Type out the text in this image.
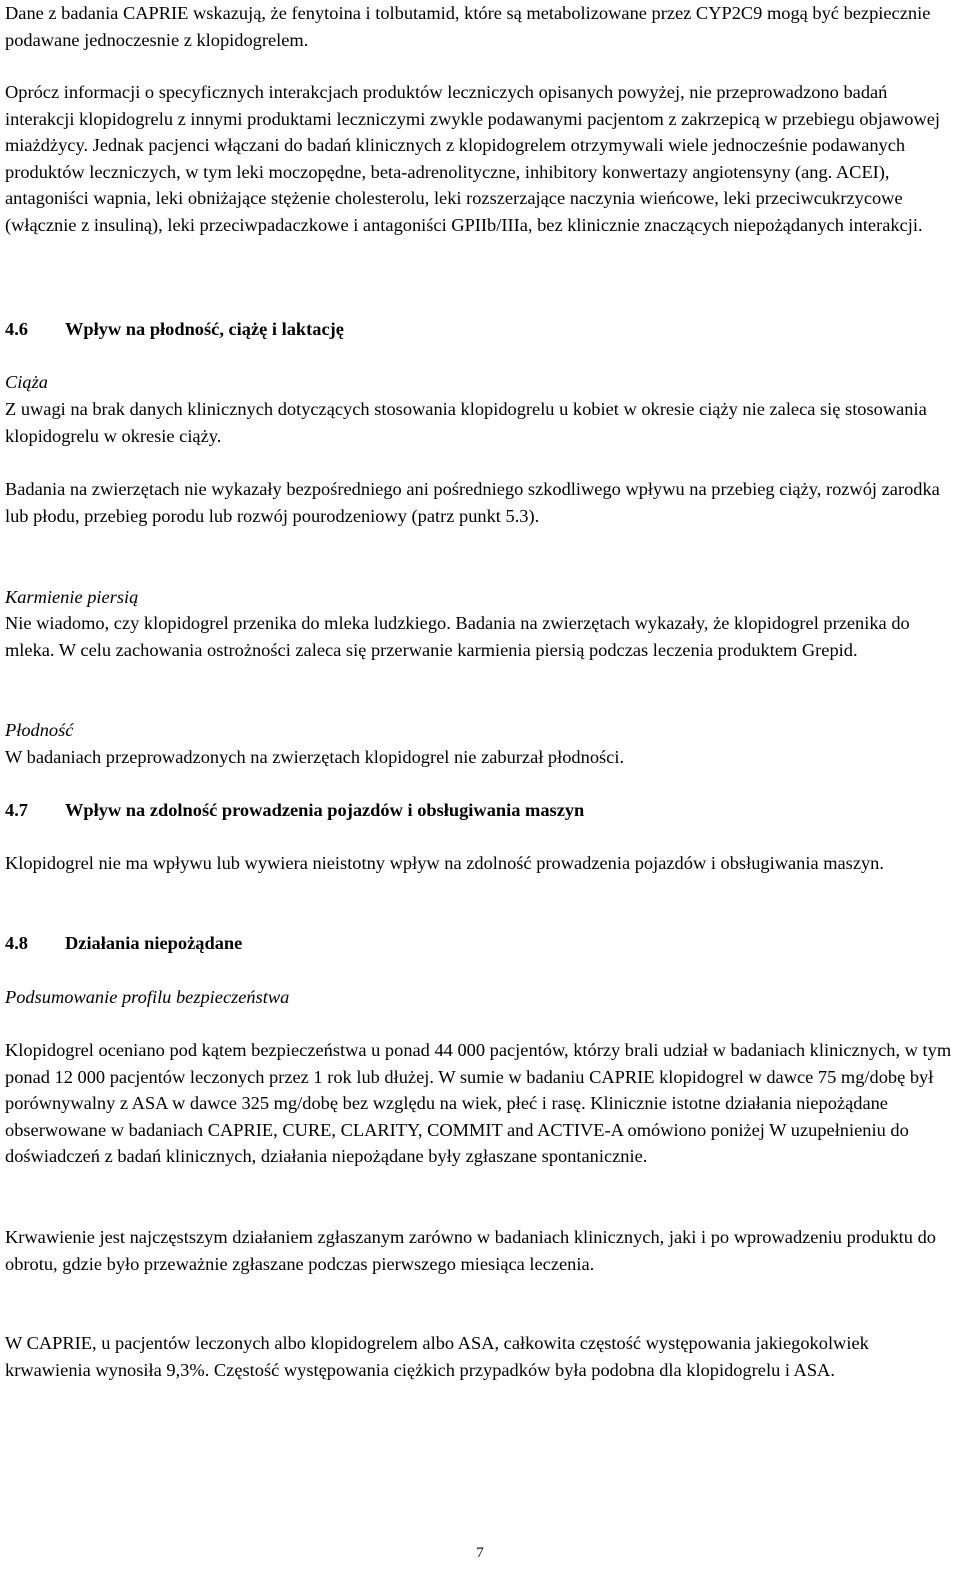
Dane z badania CAPRIE wskazują, że fenytoina i tolbutamid, które są metabolizowane przez CYP2C9 mogą być bezpiecznie podawane jednoczesnie z klopidogrelem.

Oprócz informacji o specyficznych interakcjach produktów leczniczych opisanych powyżej, nie przeprowadzono badań interakcji klopidogrelu z innymi produktami leczniczymi zwykle podawanymi pacjentom z zakrzepicą w przebiegu objawowej miażdżycy. Jednak pacjenci włączani do badań klinicznych z klopidogrelem otrzymywali wiele jednocześnie podawanych produktów leczniczych, w tym leki moczopędne, beta-adrenolityczne, inhibitory konwertazy angiotensyny (ang. ACEI), antagoniści wapnia, leki obniżające stężenie cholesterolu, leki rozszerzające naczynia wieńcowe, leki przeciwcukrzycowe (włącznie z insuliną), leki przeciwpadaczkowe i antagoniści GPIIb/IIIa, bez klinicznie znaczących niepożądanych interakcji.

4.6 Wpływ na płodność, ciążę i laktację

Ciąża

Z uwagi na brak danych klinicznych dotyczących stosowania klopidogrelu u kobiet w okresie ciąży nie zaleca się stosowania klopidogrelu w okresie ciąży.

Badania na zwierzętach nie wykazały bezpośredniego ani pośredniego szkodliwego wpływu na przebieg ciąży, rozwój zarodka lub płodu, przebieg porodu lub rozwój pourodzeniowy (patrz punkt 5.3).

Karmienie piersią

Nie wiadomo, czy klopidogrel przenika do mleka ludzkiego. Badania na zwierzętach wykazały, że klopidogrel przenika do mleka. W celu zachowania ostrożności zaleca się przerwanie karmienia piersią podczas leczenia produktem Grepid.

Płodność

W badaniach przeprowadzonych na zwierzętach klopidogrel nie zaburzał płodności.

4.7 Wpływ na zdolność prowadzenia pojazdów i obsługiwania maszyn

Klopidogrel nie ma wpływu lub wywiera nieistotny wpływ na zdolność prowadzenia pojazdów i obsługiwania maszyn.

4.8 Działania niepożądane

Podsumowanie profilu bezpieczeństwa

Klopidogrel oceniano pod kątem bezpieczeństwa u ponad 44 000 pacjentów, którzy brali udział w badaniach klinicznych, w tym ponad 12 000 pacjentów leczonych przez 1 rok lub dłużej. W sumie w badaniu CAPRIE klopidogrel w dawce 75 mg/dobę był porównywalny z ASA w dawce 325 mg/dobę bez względu na wiek, płeć i rasę. Klinicznie istotne działania niepożądane obserwowane w badaniach CAPRIE, CURE, CLARITY, COMMIT and ACTIVE-A omówiono poniżej W uzupełnieniu do doświadczeń z badań klinicznych, działania niepożądane były zgłaszane spontanicznie.

Krwawienie jest najczęstszym działaniem zgłaszanym zarówno w badaniach klinicznych, jaki i po wprowadzeniu produktu do obrotu, gdzie było przeważnie zgłaszane podczas pierwszego miesiąca leczenia.

W CAPRIE, u pacjentów leczonych albo klopidogrelem albo ASA, całkowita częstość występowania jakiegokolwiek krwawienia wynosiła 9,3%. Częstość występowania ciężkich przypadków była podobna dla klopidogrelu i ASA.

7
